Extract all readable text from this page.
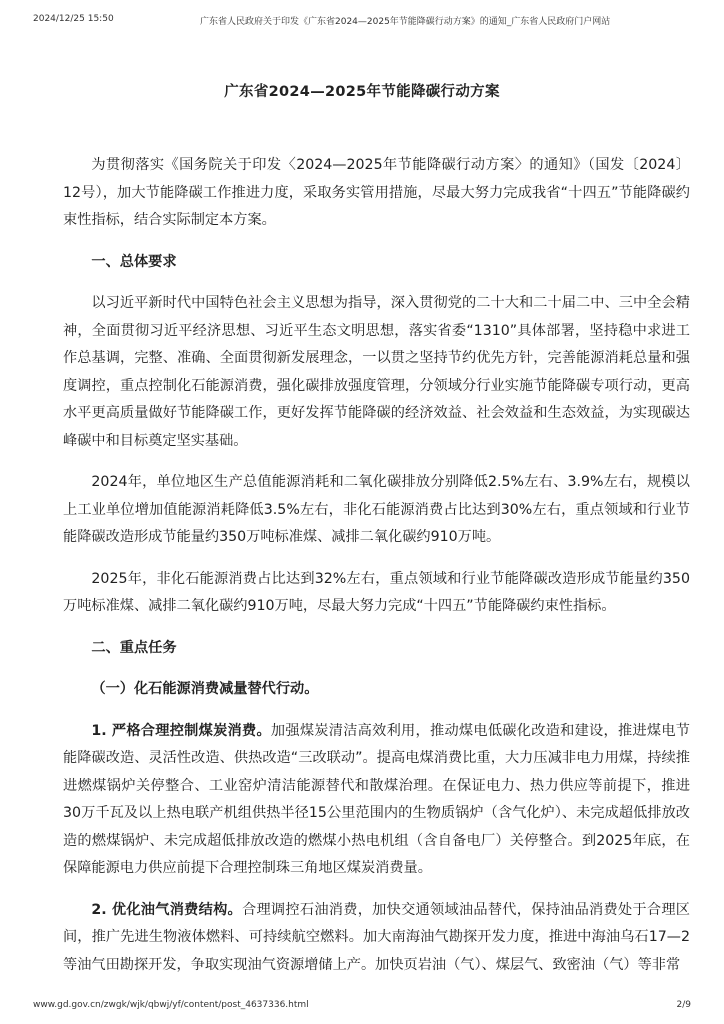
2024/12/25 15:50	广东省人民政府关于印发《广东省2024—2025年节能降碳行动方案》的通知_广东省人民政府门户网站
广东省2024—2025年节能降碳行动方案

为贯彻落实《国务院关于印发〈2024—2025年节能降碳行动方案〉的通知》（国发〔2024〕12号），加大节能降碳工作推进力度，采取务实管用措施，尽最大努力完成我省“十四五”节能降碳约束性指标，结合实际制定本方案。

一、总体要求

以习近平新时代中国特色社会主义思想为指导，深入贯彻党的二十大和二十届二中、三中全会精神，全面贯彻习近平经济思想、习近平生态文明思想，落实省委“1310”具体部署，坚持稳中求进工作总基调，完整、准确、全面贯彻新发展理念，一以贯之坚持节约优先方针，完善能源消耗总量和强度调控，重点控制化石能源消费，强化碳排放强度管理，分领域分行业实施节能降碳专项行动，更高水平更高质量做好节能降碳工作，更好发挥节能降碳的经济效益、社会效益和生态效益，为实现碳达峰碳中和目标奠定坚实基础。

2024年，单位地区生产总值能源消耗和二氧化碳排放分别降低2.5%左右、3.9%左右，规模以上工业单位增加值能源消耗降低3.5%左右，非化石能源消费占比达到30%左右，重点领域和行业节能降碳改造形成节能量约350万吨标准煤、减排二氧化碳约910万吨。

2025年，非化石能源消费占比达到32%左右，重点领域和行业节能降碳改造形成节能量约350万吨标准煤、减排二氧化碳约910万吨，尽最大努力完成“十四五”节能降碳约束性指标。

二、重点任务

（一）化石能源消费减量替代行动。

1. 严格合理控制煤炭消费。加强煤炭清洁高效利用，推动煤电低碳化改造和建设，推进煤电节能降碳改造、灵活性改造、供热改造“三改联动”。提高电煤消费比重，大力压减非电力用煤，持续推进燃煤锅炉关停整合、工业窑炉清洁能源替代和散煤治理。在保证电力、热力供应等前提下，推进30万千瓦及以上热电联产机组供热半径15公里范围内的生物质锅炉（含气化炉）、未完成超低排放改造的燃煤锅炉、未完成超低排放改造的燃煤小热电机组（含自备电厂）关停整合。到2025年底，在保障能源电力供应前提下合理控制珠三角地区煤炭消费量。

2. 优化油气消费结构。合理调控石油消费，加快交通领域油品替代，保持油品消费处于合理区间，推广先进生物液体燃料、可持续航空燃料。加大南海油气勘探开发力度，推进中海油乌石17—2等油气田勘探开发，争取实现油气资源增储上产。加快页岩油（气）、煤层气、致密油（气）等非常

www.gd.gov.cn/zwgk/wjk/qbwj/yf/content/post_4637336.html	2/9
